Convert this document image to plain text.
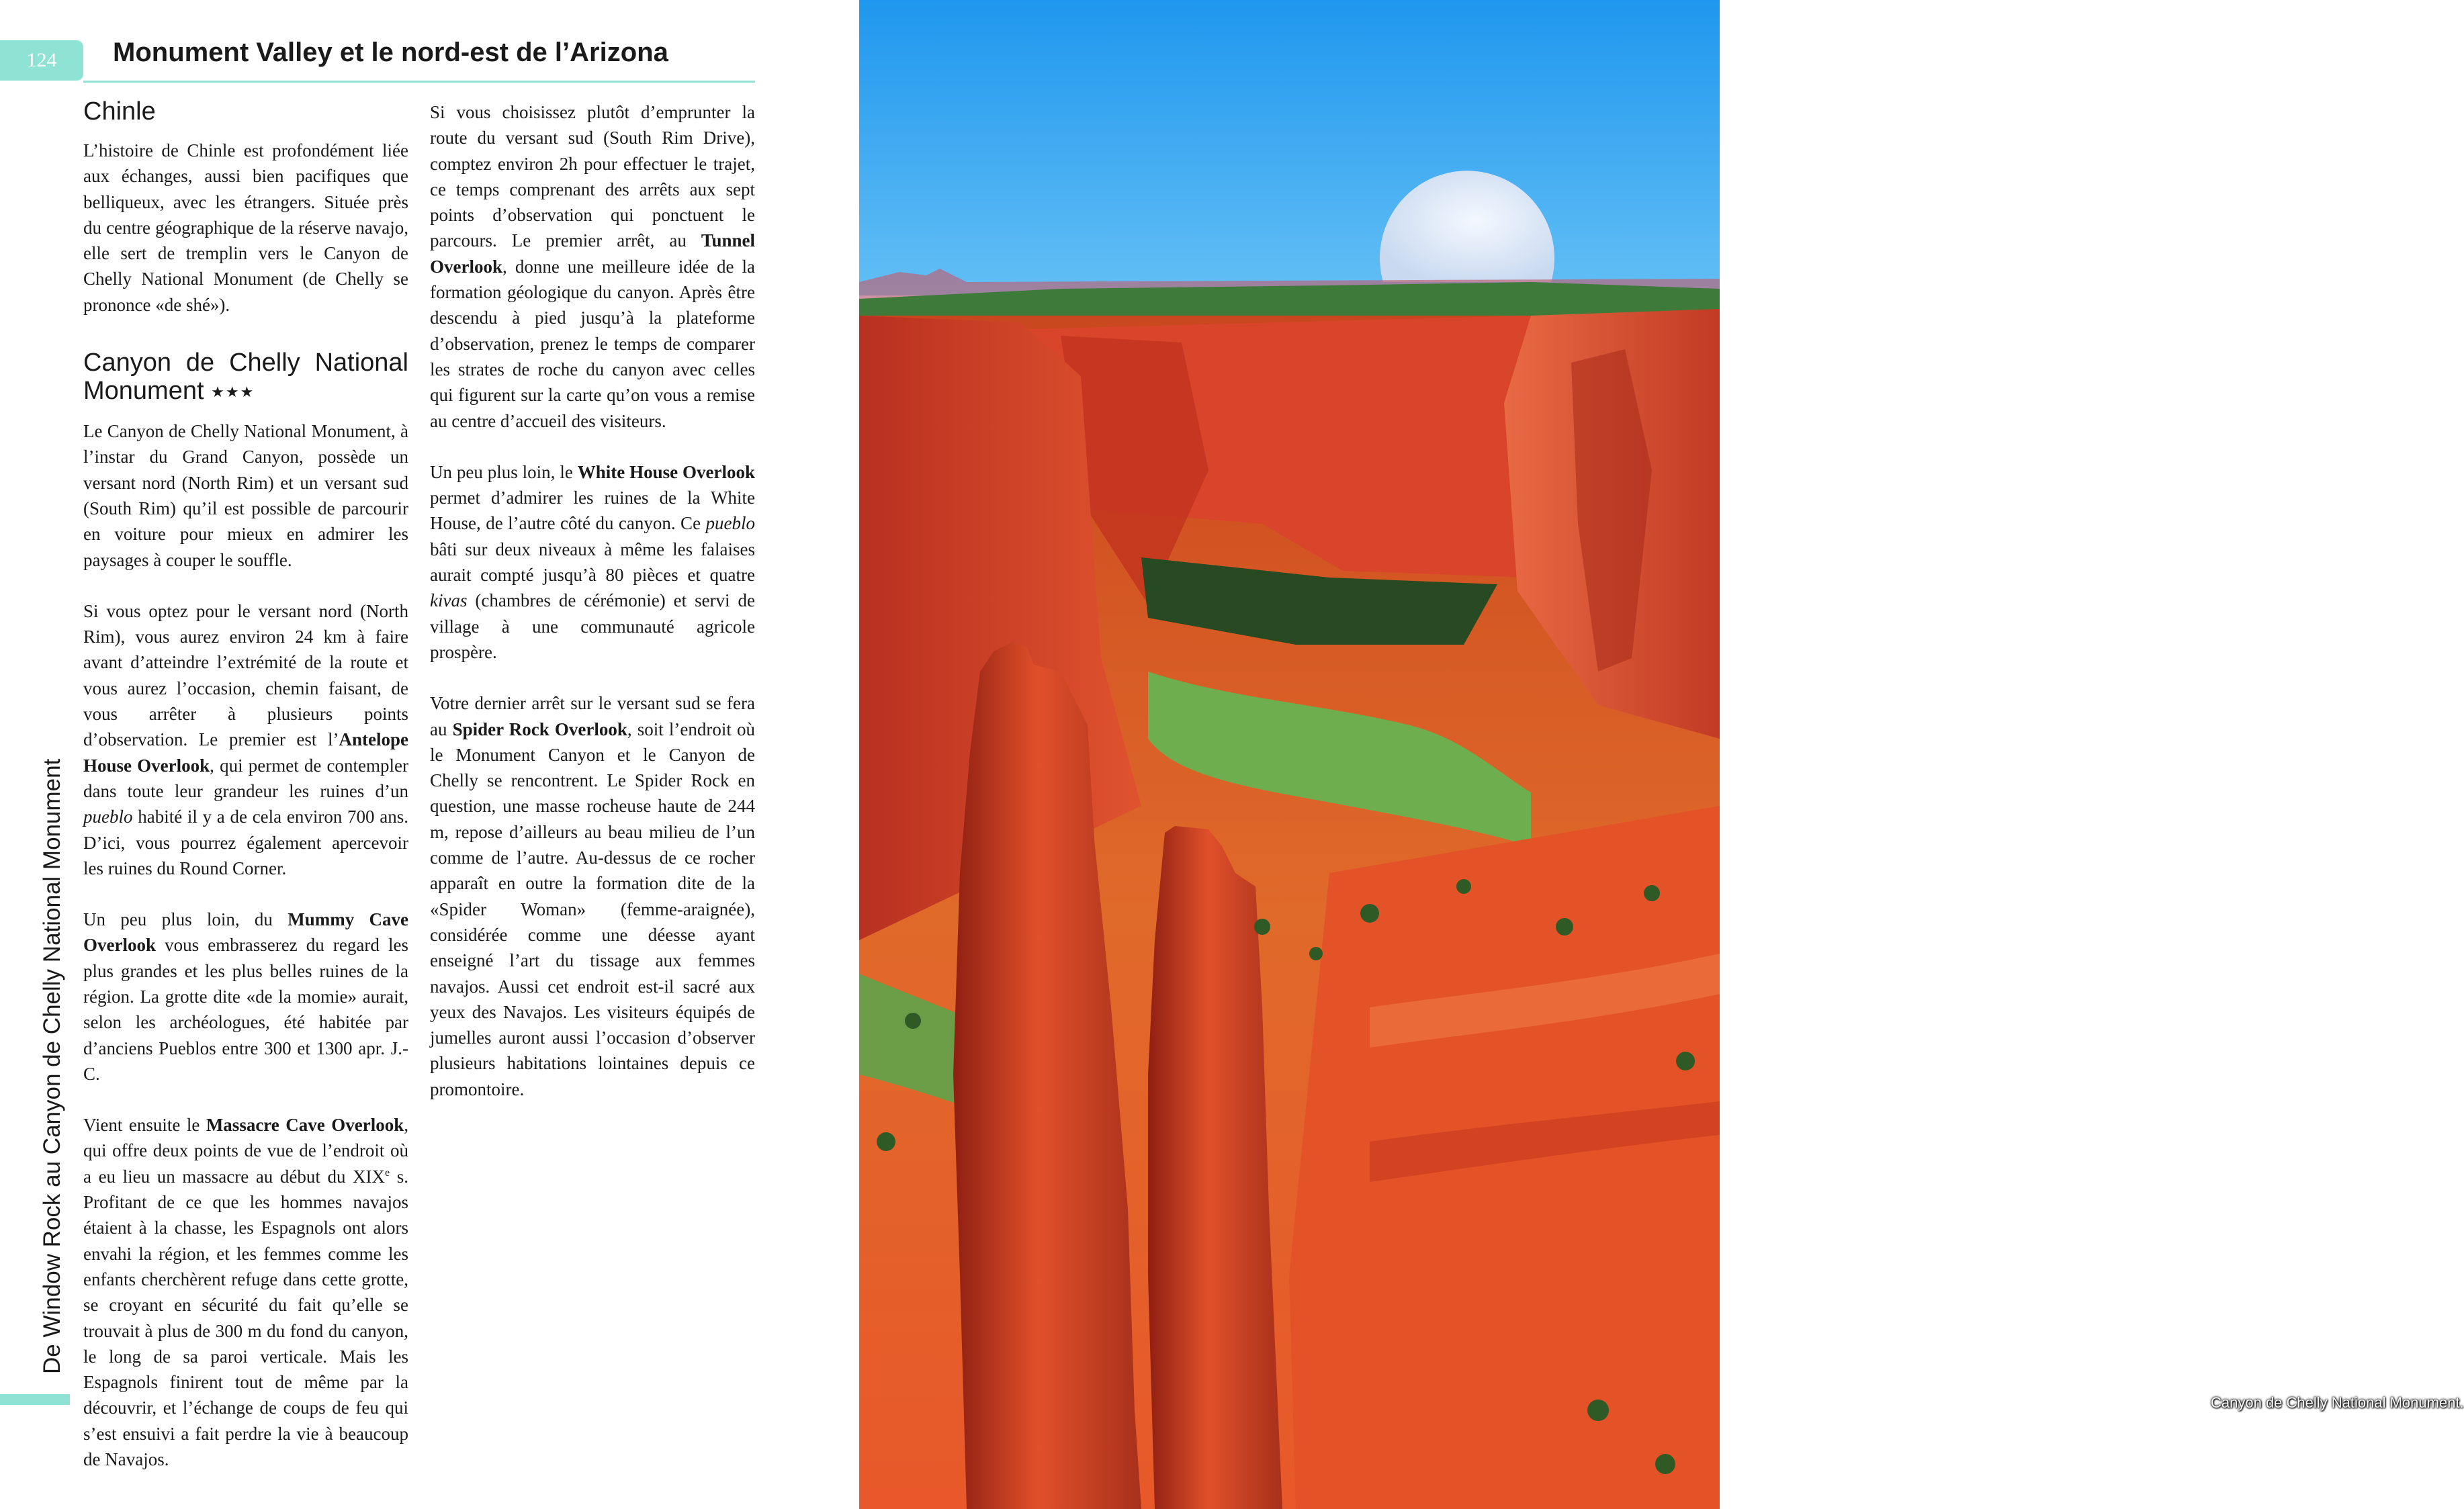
124	Monument Valley et le nord-est de l’Arizona
De Window Rock au Canyon de Chelly National Monument
Chinle

L’histoire de Chinle est profondément liée aux échanges, aussi bien pacifiques que belliqueux, avec les étrangers. Située près du centre géographique de la réserve navajo, elle sert de tremplin vers le Canyon de Chelly National Monument (de Chelly se prononce «de shé»).

Canyon de Chelly National Monument ★★★

Le Canyon de Chelly National Monument, à l’instar du Grand Canyon, possède un versant nord (North Rim) et un versant sud (South Rim) qu’il est possible de parcourir en voiture pour mieux en admirer les paysages à couper le souffle.

Si vous optez pour le versant nord (North Rim), vous aurez environ 24 km à faire avant d’atteindre l’extrémité de la route et vous aurez l’occasion, chemin faisant, de vous arrêter à plusieurs points d’observation. Le premier est l’Antelope House Overlook, qui permet de contempler dans toute leur grandeur les ruines d’un pueblo habité il y a de cela environ 700 ans. D’ici, vous pourrez également apercevoir les ruines du Round Corner.

Un peu plus loin, du Mummy Cave Overlook vous embrasserez du regard les plus grandes et les plus belles ruines de la région. La grotte dite «de la momie» aurait, selon les archéologues, été habitée par d’anciens Pueblos entre 300 et 1300 apr. J.-C.

Vient ensuite le Massacre Cave Overlook, qui offre deux points de vue de l’endroit où a eu lieu un massacre au début du XIXe s. Profitant de ce que les hommes navajos étaient à la chasse, les Espagnols ont alors envahi la région, et les femmes comme les enfants cherchèrent refuge dans cette grotte, se croyant en sécurité du fait qu’elle se trouvait à plus de 300 m du fond du canyon, le long de sa paroi verticale. Mais les Espagnols finirent tout de même par la découvrir, et l’échange de coups de feu qui s’est ensuivi a fait perdre la vie à beaucoup de Navajos.

Si vous choisissez plutôt d’emprunter la route du versant sud (South Rim Drive), comptez environ 2h pour effectuer le trajet, ce temps comprenant des arrêts aux sept points d’observation qui ponctuent le parcours. Le premier arrêt, au Tunnel Overlook, donne une meilleure idée de la formation géologique du canyon. Après être descendu à pied jusqu’à la plateforme d’observation, prenez le temps de comparer les strates de roche du canyon avec celles qui figurent sur la carte qu’on vous a remise au centre d’accueil des visiteurs.

Un peu plus loin, le White House Overlook permet d’admirer les ruines de la White House, de l’autre côté du canyon. Ce pueblo bâti sur deux niveaux à même les falaises aurait compté jusqu’à 80 pièces et quatre kivas (chambres de cérémonie) et servi de village à une communauté agricole prospère.

Votre dernier arrêt sur le versant sud se fera au Spider Rock Overlook, soit l’endroit où le Monument Canyon et le Canyon de Chelly se rencontrent. Le Spider Rock en question, une masse rocheuse haute de 244 m, repose d’ailleurs au beau milieu de l’un comme de l’autre. Au-dessus de ce rocher apparaît en outre la formation dite de la «Spider Woman» (femme-araignée), considérée comme une déesse ayant enseigné l’art du tissage aux femmes navajos. Aussi cet endroit est-il sacré aux yeux des Navajos. Les visiteurs équipés de jumelles auront aussi l’occasion d’observer plusieurs habitations lointaines depuis ce promontoire.

Canyon de Chelly National Monument.
